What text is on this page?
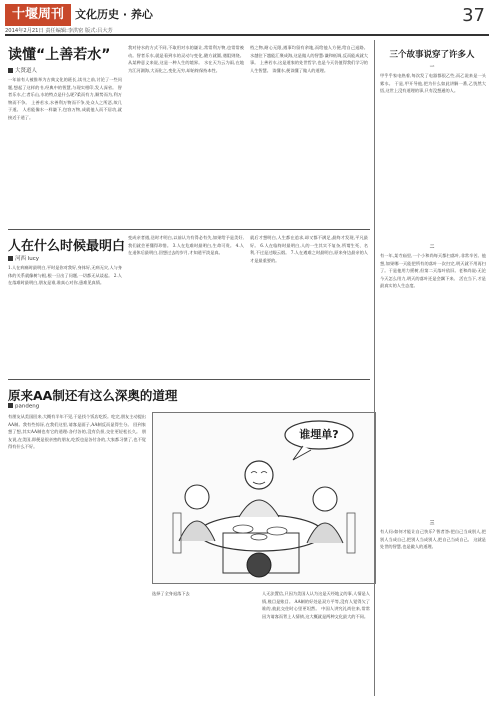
十堰周刊	文化历史 · 养心
2014年2月21日 责任编辑:李洪密 版式:吕大芳
37
读懂“上善若水”
大贤道人
一年前有人被推举为古典文化的班长,读书之前,讨论了一些问题,想起了这样的书,经典中的智慧,与现实相印,发人深省。 智者乐水,仁者乐山,水的特点是什么呢?柔而有力,顺势而为,利万物而不争。 上善若水,水善利万物而不争,处众人之所恶,故几于道。 人若能像水一样谦下,包容万物,成就他人而不居功,就接近于道了。
我对待水的方式不同,不取用对水的谦让,常常利万物,也常常被动。智者乐水,就是看到水的灵动与变化,随方就圆,遇阻则绕。 从某种意义来说,这是一种人生的境界。 水在天为云为雨,在地为江河湖海,大而化之,变化无穷,却始终保持本性。
档之物,耐心无限,遇事均留有余地,而给他人方便,给自己退路。 水越往下越能汇聚成海,这是做人的智慧:谦和低调,反而能成就大事。 上善若水,这是道家的处世哲学,也是今天仍值得我们学习的人生智慧。 读懂水,便读懂了做人的道理。
人在什么时候最明白
河西 lucy
1.人在病痛时最明白,平时是你对我好,身体好,无病无灾,人与身体的关系就像树与根,根一旦出了问题,一切都无从谈起。 2.人在落难时最明白,朋友是谁,谁真心对你,患难见真情。
变成亲者遇,送时才明白,以前认为有得必有失,如果给予是美好,我们就会更懂得珍惜。 3.人在危难时最明白,生命可贵。 4.人在退休后最明白,回想过去的岁月,才知道平淡是真。
就后才想明白,人生都在追求,却又都不满足,最终才发现,平凡最好。 6.人在临终时最明白,人的一生其实不复杂,所谓生死、名利,不过是过眼云烟。 7.人在遇难之时最明白,原来身边最亲的人才是最重要的。
原来AA制还有这么深奥的道理
pandeng
有朋友从美国回来,大概有半年不见,于是找个饭店吃饭。吃完,朋友主动提出AA制。我有些惊讶,在我们这里,请客是面子,AA制反而显得生分。 回到家想了想,其实AA制也有它的道理:各付各的,没有负担,交往更轻松长久。 朋友说,在美国,即便是很亲密的朋友,吃饭也是各付各的,大家都习惯了,也不觉得有什么不好。
选择了全身退落下去	人无法置信,只因为美国人认为这是天经地义的事,人情是人情,账目是账目。 AA制的好处是双方平等,没有人觉得欠了谁的,彼此交往时心里更坦然。 中国人讲究礼尚往来,常常因为请客而背上人情债,这大概就是两种文化最大的不同。
谁埋单?
三个故事说穿了许多人
一
甲乎乎家电热着,每次发了电器都很乙些,而乙说来是一头雾水。 于是,甲开导他,把为什么如此讲解一番,乙恍然大悟,这世上没有道理的事,只有没想通的人。
二
有一年,某寺庙里,一个小和尚每天都扫落叶,非常辛苦。他想,如果哪一天能把所有的落叶一次扫完,明天就不用再扫了。于是他用力摇树,但第二天落叶依旧。老和尚说:无论今天怎么用力,明天的落叶还是会飘下来。 活在当下,才是最真实的人生态度。
三
有人问:如何才能让自己快乐? 智者答:把自己当成别人,把别人当成自己,把别人当成别人,把自己当成自己。 这就是处世的智慧,也是做人的道理。
